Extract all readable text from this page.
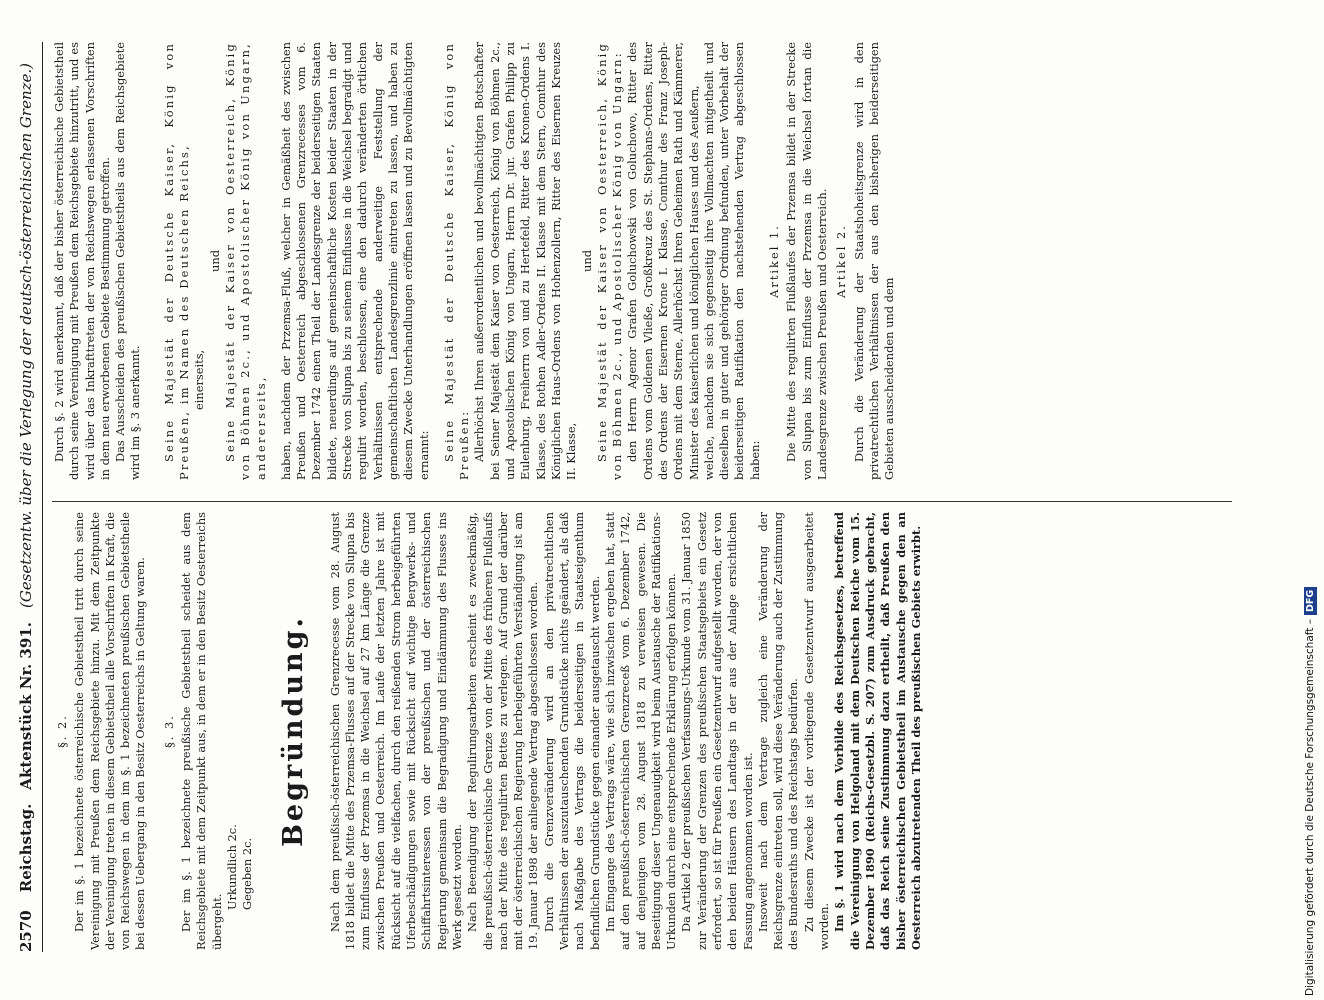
2570
Reichstag.
Aktenstück Nr. 391.
(Gesetzentw. über die Verlegung der deutsch-österreichischen Grenze.)
§. 2. Der im §. 1 bezeichnete österreichische Gebietstheil tritt durch seine Vereinigung mit Preußen dem Reichsgebiete hinzu. Mit dem Zeitpunkte der Vereinigung treten in diesem Gebietstheil alle Vorschriften in Kraft, die von Reichswegen in dem im §. 1 bezeichneten preußischen Gebietstheile bei dessen Uebergang in den Besitz Oesterreichs in Geltung waren. §. 3. Der im §. 1 bezeichnete preußische Gebietstheil scheidet aus dem Reichsgebiete mit dem Zeitpunkt aus, in dem er in den Besitz Oesterreichs übergeht.

Urkundlich 2c. Gegeben 2c.
Begründung.	Nach dem preußisch-österreichischen Grenzrecesse vom 28. August 1818 bildet die Mitte des Przemsa-Flusses auf der Strecke von Slupna bis zum Einflusse der Przemsa in die Weichsel auf 27 km Länge die Grenze zwischen Preußen und Oesterreich. Im Laufe der letzten Jahre ist mit Rücksicht auf die vielfachen, durch den reißenden Strom herbeigeführten Uferbeschädigungen sowie mit Rücksicht auf wichtige Bergwerks- und Schiffahrtsinteressen von der preußischen und der österreichischen Regierung gemeinsam die Begradigung und Eindämmung des Flusses ins Werk gesetzt worden. Nach Beendigung der Regulirungsarbeiten erscheint es zweckmäßig, die preußisch-österreichische Grenze von der Mitte des früheren Flußlaufs nach der Mitte des regulirten Bettes zu verlegen. Auf Grund der darüber mit der österreichischen Regierung herbeigeführten Verständigung ist am 19. Januar 1898 der anliegende Vertrag abgeschlossen worden. Durch die Grenzveränderung wird an den privatrechtlichen Verhältnissen der auszutauschenden Grundstücke nichts geändert, als daß nach Maßgabe des Vertrags die beiderseitigen in Staatseigenthum befindlichen Grundstücke gegen einander ausgetauscht werden. Im Eingange des Vertrags wäre, wie sich inzwischen ergeben hat, statt auf den preußisch-österreichischen Grenzreceß vom 6. Dezember 1742, auf denjenigen vom 28. August 1818 zu verweisen gewesen. Die Beseitigung dieser Ungenauigkeit wird beim Austausche der Ratifikations-Urkunden durch eine entsprechende Erklärung erfolgen können. Da Artikel 2 der preußischen Verfassungs-Urkunde vom 31. Januar 1850 zur Veränderung der Grenzen des preußischen Staatsgebiets ein Gesetz erfordert, so ist für Preußen ein Gesetzentwurf aufgestellt worden, der von den beiden Häusern des Landtags in der aus der Anlage ersichtlichen Fassung angenommen worden ist. Insoweit nach dem Vertrage zugleich eine Veränderung der Reichsgrenze eintreten soll, wird diese Veränderung auch der Zustimmung des Bundesraths und des Reichstags bedürfen. Zu diesem Zwecke ist der vorliegende Gesetzentwurf ausgearbeitet worden. Im §. 1 wird nach dem Vorbilde des Reichsgesetzes, betreffend die Vereinigung von Helgoland mit dem Deutschen Reiche vom 15. Dezember 1890 (Reichs-Gesetzbl. S. 207) zum Ausdruck gebracht, daß das Reich seine Zustimmung dazu ertheilt, daß Preußen den bisher österreichischen Gebietstheil im Austausche gegen den an Oesterreich abzutretenden Theil des preußischen Gebiets erwirbt.

Durch §. 2 wird anerkannt, daß der bisher österreichische Gebietstheil durch seine Vereinigung mit Preußen dem Reichsgebiete hinzutritt, und es wird über das Inkrafttreten der von Reichswegen erlassenen Vorschriften in dem neu erworbenen Gebiete Bestimmung getroffen. Das Ausscheiden des preußischen Gebietstheils aus dem Reichsgebiete wird im §. 3 anerkannt. Seine Majestät der Deutsche Kaiser, König von Preußen, im Namen des Deutschen Reichs, einerseits,
und Seine Majestät der Kaiser von Oesterreich, König von Böhmen 2c., und Apostolischer König von Ungarn, andererseits, haben, nachdem der Przemsa-Fluß, welcher in Gemäßheit des zwischen Preußen und Oesterreich abgeschlossenen Grenzrecesses vom 6. Dezember 1742 einen Theil der Landesgrenze der beiderseitigen Staaten bildete, neuerdings auf gemeinschaftliche Kosten beider Staaten in der Strecke von Slupna bis zu seinem Einflusse in die Weichsel begradigt und regulirt worden, beschlossen, eine den dadurch veränderten örtlichen Verhältnissen entsprechende anderweitige Feststellung der gemeinschaftlichen Landesgrenzlinie eintreten zu lassen, und haben zu diesem Zwecke Unterhandlungen eröffnen lassen und zu Bevollmächtigten ernannt: Seine Majestät der Deutsche Kaiser, König von Preußen: Allerhöchst Ihren außerordentlichen und bevollmächtigten Botschafter bei Seiner Majestät dem Kaiser von Oesterreich, König von Böhmen 2c., und Apostolischen König von Ungarn, Herrn Dr. jur. Grafen Philipp zu Eulenburg, Freiherrn von und zu Hertefeld, Ritter des Kronen-Ordens I. Klasse, des Rothen Adler-Ordens II. Klasse mit dem Stern, Comthur des Königlichen Haus-Ordens von Hohenzollern, Ritter des Eisernen Kreuzes II. Klasse,

und Seine Majestät der Kaiser von Oesterreich, König von Böhmen 2c., und Apostolischer König von Ungarn: den Herrn Agenor Grafen Goluchowski von Goluchowo, Ritter des Ordens vom Goldenen Vließe, Großkreuz des St. Stephans-Ordens, Ritter des Ordens der Eisernen Krone I. Klasse, Comthur des Franz Joseph-Ordens mit dem Sterne, Allerhöchst Ihren Geheimen Rath und Kämmerer, Minister des kaiserlichen und königlichen Hauses und des Aeußern, welche, nachdem sie sich gegenseitig ihre Vollmachten mitgetheilt und dieselben in guter und gehöriger Ordnung befunden, unter Vorbehalt der beiderseitigen Ratifikation den nachstehenden Vertrag abgeschlossen haben:

Artikel 1. Die Mitte des regulirten Flußlaufes der Przemsa bildet in der Strecke von Slupna bis zum Einflusse der Przemsa in die Weichsel fortan die Landesgrenze zwischen Preußen und Oesterreich. Artikel 2. Durch die Veränderung der Staatshoheitsgrenze wird in den privatrechtlichen Verhältnissen der aus den bisherigen beiderseitigen Gebieten ausscheidenden und dem

Digitalisierung gefördert durch die Deutsche Forschungsgemeinschaft –
DFG
